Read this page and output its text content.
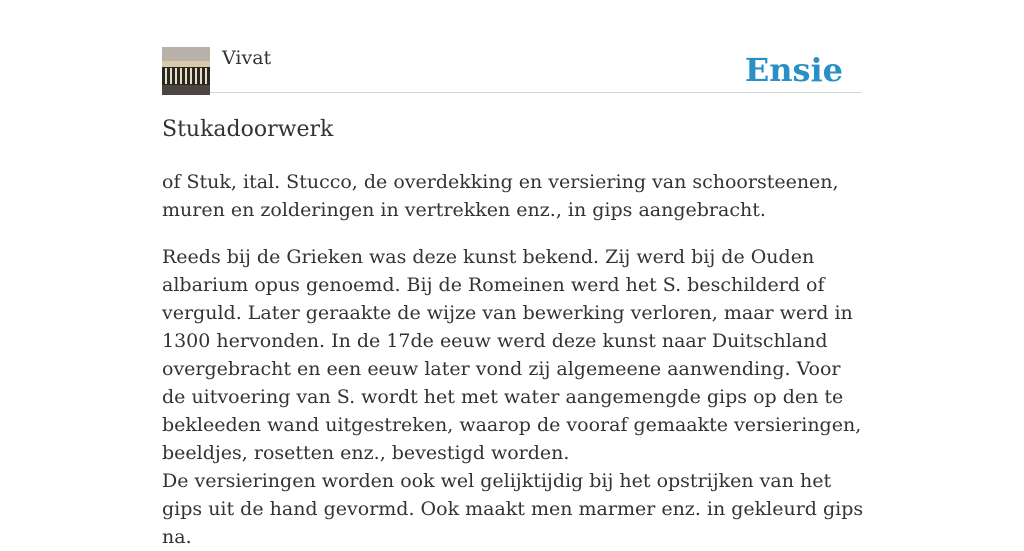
Vivat	Ensie
Stukadoorwerk

of Stuk, ital. Stucco, de overdekking en versiering van schoorsteenen, muren en zolderingen in vertrekken enz., in gips aangebracht.

Reeds bij de Grieken was deze kunst bekend. Zij werd bij de Ouden albarium opus genoemd. Bij de Romeinen werd het S. beschilderd of verguld. Later geraakte de wijze van bewerking verloren, maar werd in 1300 hervonden. In de 17de eeuw werd deze kunst naar Duitschland overgebracht en een eeuw later vond zij algemeene aanwending. Voor de uitvoering van S. wordt het met water aangemengde gips op den te bekleeden wand uitgestreken, waarop de vooraf gemaakte versieringen, beeldjes, rosetten enz., bevestigd worden.

De versieringen worden ook wel gelijktijdig bij het opstrijken van het gips uit de hand gevormd. Ook maakt men marmer enz. in gekleurd gips na.
